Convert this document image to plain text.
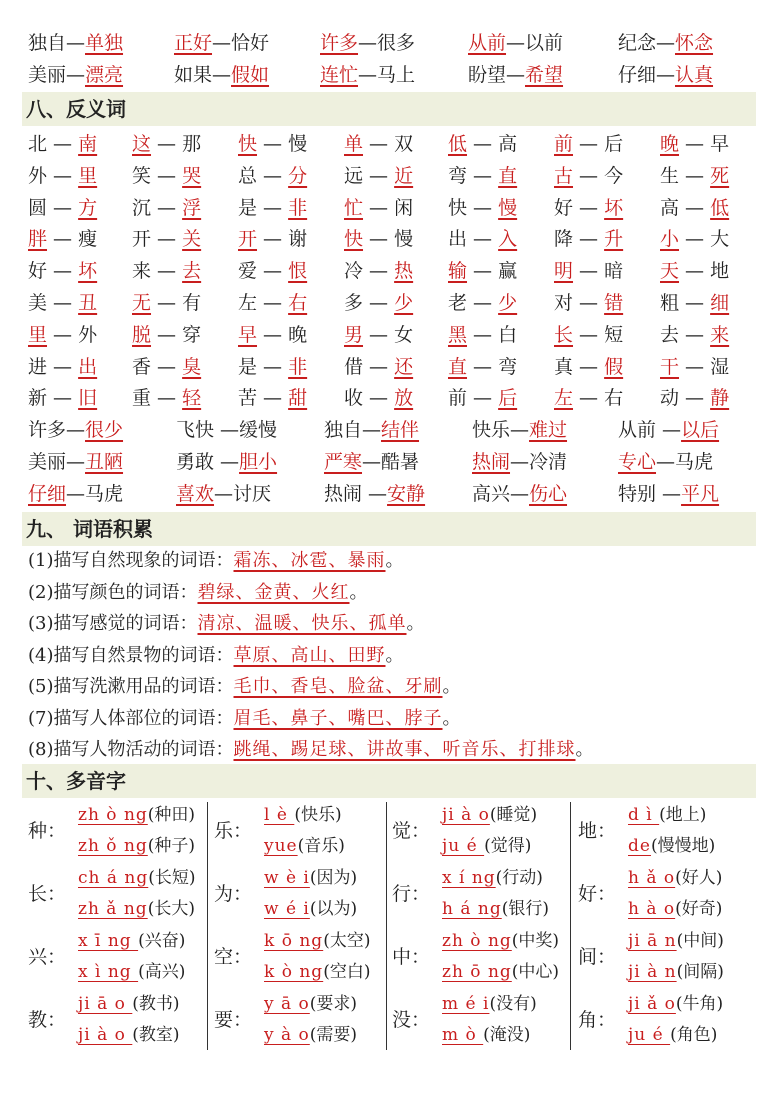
独自—单独	正好—恰好	许多—很多	从前—以前	纪念—怀念
美丽—漂亮	如果—假如	连忙—马上	盼望—希望	仔细—认真
八、反义词
北 — 南 这 — 那 快 — 慢 单 — 双 低 — 高 前 — 后 晚 — 早
外 — 里 笑 — 哭 总 — 分 远 — 近 弯 — 直 古 — 今 生 — 死
圆 — 方 沉 — 浮 是 — 非 忙 — 闲 快 — 慢 好 — 坏 高 — 低
胖 — 瘦 开 — 关 开 — 谢 快 — 慢 出 — 入 降 — 升 小 — 大
好 — 坏 来 — 去 爱 — 恨 冷 — 热 输 — 赢 明 — 暗 天 — 地
美 — 丑 无 — 有 左 — 右 多 — 少 老 — 少 对 — 错 粗 — 细
里 — 外 脱 — 穿 早 — 晚 男 — 女 黑 — 白 长 — 短 去 — 来
进 — 出 香 — 臭 是 — 非 借 — 还 直 — 弯 真 — 假 干 — 湿
新 — 旧 重 — 轻 苦 — 甜 收 — 放 前 — 后 左 — 右 动 — 静
许多—很少	飞快 —缓慢 独自—结伴	快乐—难过	从前 —以后
美丽—丑陋	勇敢 —胆小 严寒—酷暑	热闹—冷清	专心—马虎
仔细—马虎	喜欢—讨厌	热闹 —安静 高兴—伤心	特别 —平凡
九、 词语积累
(1)描写自然现象的词语：霜冻、冰雹、暴雨。
(2)描写颜色的词语：碧绿、金黄、火红。
(3)描写感觉的词语：清凉、温暖、快乐、孤单。
(4)描写自然景物的词语：草原、高山、田野。
(5)描写洗漱用品的词语：毛巾、香皂、脸盆、牙刷。
(7)描写人体部位的词语：眉毛、鼻子、嘴巴、脖子。
(8)描写人物活动的词语：跳绳、踢足球、讲故事、听音乐、打排球。
十、多音字
种：
zh ò ng(种田)
zh ǒ ng(种子)
乐：
l è (快乐)
yue(音乐)
觉：
ji à o(睡觉)
ju é (觉得)
地：
d ì (地上)
de(慢慢地)
长：
ch á ng(长短)
zh ǎ ng(长大)
为：
w è i(因为)
w é i(以为)
行：
x í ng(行动)
h á ng(银行)
好：
h ǎ o(好人)
h à o(好奇)
兴：
x ī ng (兴奋)
x ì ng (高兴)
空：
k ō ng(太空)
k ò ng(空白)
中：
zh ò ng(中奖)
zh ō ng(中心)
间：
ji ā n(中间)
ji à n(间隔)
教：
ji ā o (教书)
ji à o (教室)
要：
y ā o(要求)
y à o(需要)
没：
m é i(没有)
m ò (淹没)
角：
ji ǎ o(牛角)
ju é (角色)
